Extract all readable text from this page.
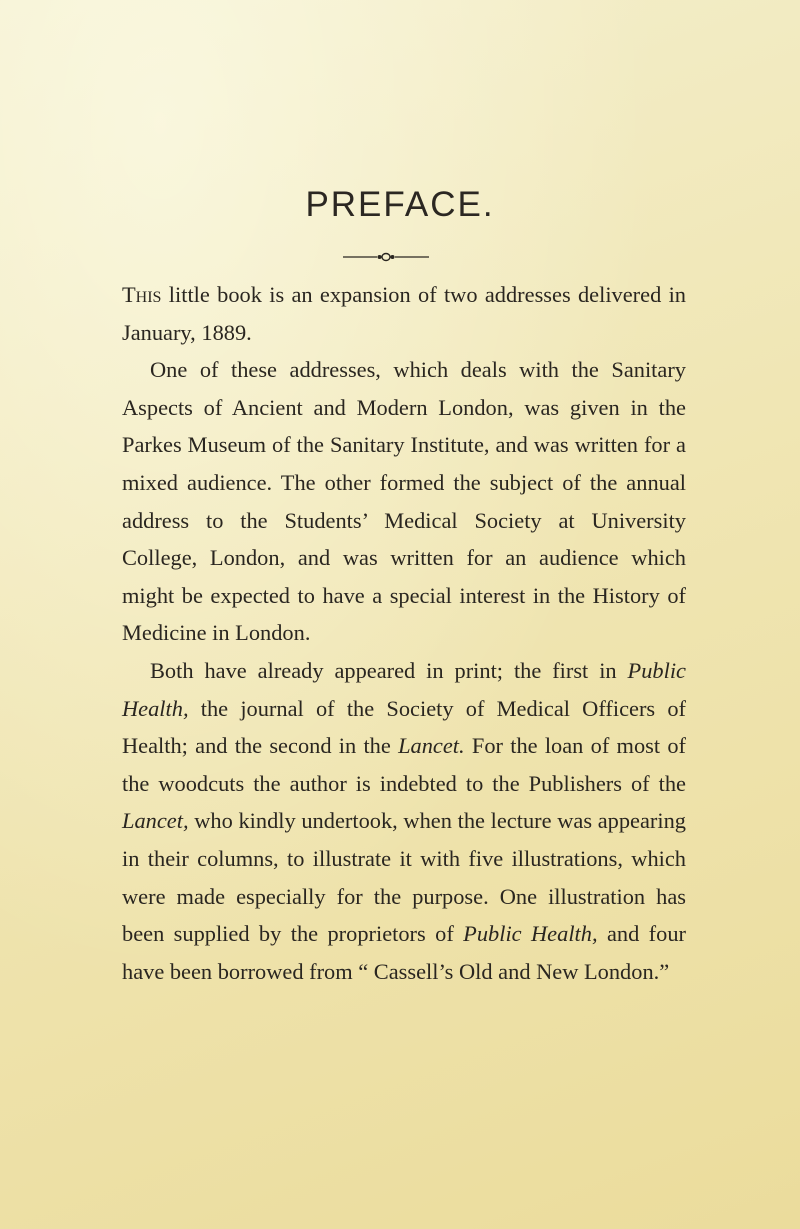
PREFACE.

This little book is an expansion of two addresses delivered in January, 1889.

One of these addresses, which deals with the Sanitary Aspects of Ancient and Modern London, was given in the Parkes Museum of the Sanitary Institute, and was written for a mixed audience. The other formed the subject of the annual address to the Students’ Medical Society at University College, London, and was written for an audience which might be expected to have a special interest in the History of Medicine in London.

Both have already appeared in print; the first in Public Health, the journal of the Society of Medical Officers of Health; and the second in the Lancet. For the loan of most of the woodcuts the author is indebted to the Publishers of the Lancet, who kindly undertook, when the lecture was appearing in their columns, to illustrate it with five illustrations, which were made especially for the purpose. One illustration has been supplied by the proprietors of Public Health, and four have been borrowed from “ Cassell’s Old and New London.”
